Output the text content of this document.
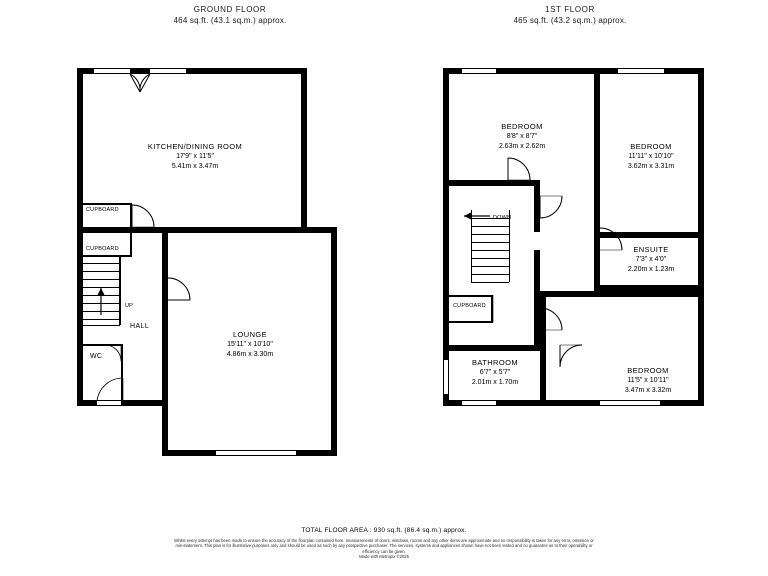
GROUND FLOOR
464 sq.ft. (43.1 sq.m.) approx.
1ST FLOOR
465 sq.ft. (43.2 sq.m.) approx.
KITCHEN/DINING ROOM
17'9" x 11'5"
5.41m x 3.47m
LOUNGE
15'11" x 10'10"
4.86m x 3.30m
CUPBOARD
CUPBOARD
UP
HALL
WC
BEDROOM
8'8" x 8'7"
2.63m x 2.62m	BEDROOM
11'11" x 10'10"
3.62m x 3.31m
ENSUITE
7'3" x 4'0"
2.20m x 1.23m
BATHROOM
6'7" x 5'7"
2.01m x 1.70m
BEDROOM
11'5" x 10'11"
3.47m x 3.32m
DOWN
CUPBOARD
TOTAL FLOOR AREA : 930 sq.ft. (86.4 sq.m.) approx.
Whilst every attempt has been made to ensure the accuracy of the floorplan contained here, measurements of doors, windows, rooms and any other items are approximate and no responsibility is taken for any error, omission or mis-statement. This plan is for illustrative purposes only and should be used as such by any prospective purchaser. The services, systems and appliances shown have not been tested and no guarantee as to their operability or efficiency can be given.
Made with Metropix ©2025
